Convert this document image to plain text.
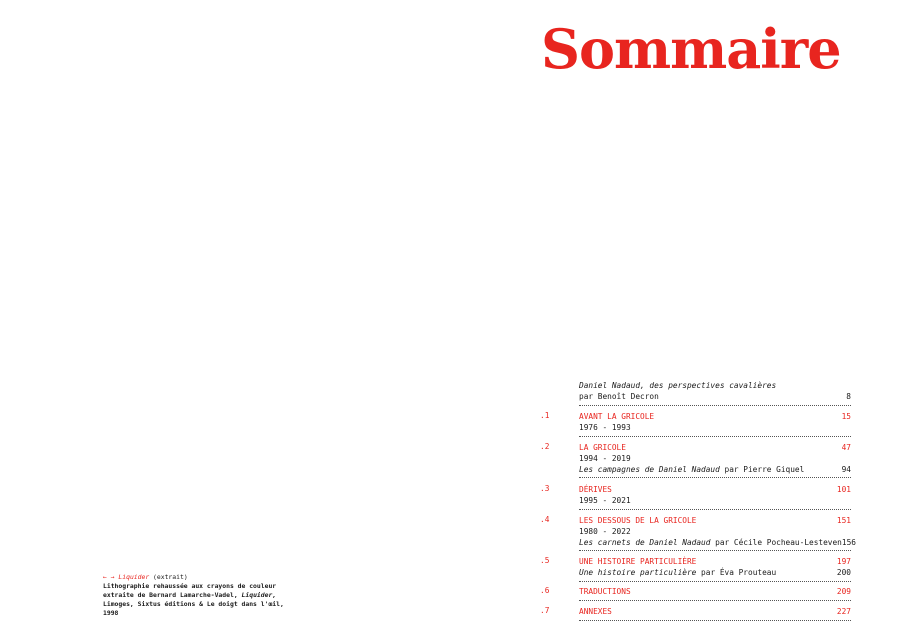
Sommaire

← → Liquider (extrait)

Lithographie rehaussée aux crayons de couleur

extraite de Bernard Lamarche-Vadel, Liquider,

Limoges, Sixtus éditions & Le doigt dans l'œil,

1998

Daniel Nadaud, des perspectives cavalières
par Benoît Decron	8
.1	AVANT LA GRICOLE	15
1976 - 1993
.2	LA GRICOLE	47
1994 - 2019
Les campagnes de Daniel Nadaud par Pierre Giquel	94
.3	DÉRIVES	101
1995 - 2021
.4	LES DESSOUS DE LA GRICOLE	151
1980 - 2022
Les carnets de Daniel Nadaud par Cécile Pocheau-Lesteven 156
.5	UNE HISTOIRE PARTICULIÈRE	197
Une histoire particulière par Éva Prouteau	200
.6	TRADUCTIONS	209
.7	ANNEXES	227
